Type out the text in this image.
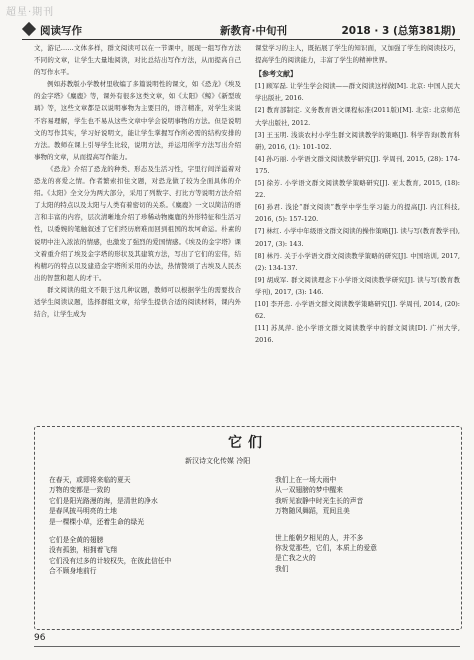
超星·期刊
阅读写作	新教育·中旬刊	2018 · 3 (总第381期)

文，游记……文体多样，群文阅读可以在一节课中，展现一组写作方法不同的文章，让学生大量地阅读，对比总结出写作方法，从而提高自己的写作水平。

例如苏教版小学教材里收编了多篇说明性的课文，如《恐龙》《埃及的金字塔》《麋鹿》等，课外有很多这类文章，如《太阳》《鲸》《新型玻璃》等，这些文章都是以说明事物为主要目的，语言精准，对学生来说不容易理解，学生也不易从这些文章中学会说明事物的方法。但是说明文的写作其实，学习好说明文，能让学生掌握写作所必需的结构安排的方法。教师在课上引导学生比较，说明方法，并运用所学方法写出介绍事物的文章，从而提高写作能力。

《恐龙》介绍了恐龙的种类、形态及生活习性，字里行间洋溢着对恐龙的喜爱之情。作者繁索扣住文题，对恐龙做了较为全面具体的介绍。《太阳》全文分为两大部分，采用了列数字、打比方等说明方法介绍了太阳的特点以及太阳与人类有着密切的关系。《麋鹿》一文以简洁的语言和丰富的内容，层次清晰地介绍了珍稀动物麋鹿的外形特征和生活习性，以委婉的笔触叙述了它们经历磨难而回到祖国的坎坷命运。朴素的说明中注入浓浓的情感，也激发了强烈的爱国情感。《埃及的金字塔》课文着重介绍了埃及金字塔的形状及其建筑方法，写出了它们的宏伟，结构精巧的特点以及建造金字塔所采用的办法，热情赞颂了古埃及人民杰出的智慧和超人的才干。

群文阅读的组文不限于这几种议题，教师可以根据学生的需要找合适学生阅读议题，选择群组文章，给学生提供合适的阅读材料，课内外结合，让学生成为

课堂学习的主人，既拓展了学生的知识面，又加强了学生的阅读技巧，提高学生的阅读能力，丰富了学生的精神世界。

【参考文献】

[1] 顾军磊. 让学生学会阅读——群文阅读这样做[M]. 北京: 中国人民大学出版社, 2016.

[2] 教育部制定. 义务教育语文课程标准(2011版)[M]. 北京: 北京师范大学出版社, 2012.

[3] 王玉明. 浅谈农村小学生群文阅读教学的策略[J]. 科学咨询(教育科研), 2016, (1): 101-102.

[4] 孙巧丽. 小学语文群文阅读教学研究[J]. 学周刊, 2015, (28): 174-175.

[5] 徐芳. 小学语文群文阅读教学策略研究[J]. 亚太教育, 2015, (18): 22.

[6] 孙君. 浅论“群文阅读”教学中学生学习能力的提高[J]. 内江科技, 2016, (5): 157-120.

[7] 林红. 小学中年级语文群文阅读的操作策略[J]. 读与写(教育教学刊), 2017, (3): 143.

[8] 林丹. 关于小学语文群文阅读教学策略的研究[J]. 中国培训, 2017, (2): 134-137.

[9] 胡成军. 群文阅读理念下小学语文阅读教学研究[J]. 读与写(教育教学刊), 2017, (3): 146.

[10] 李开忠. 小学语文群文阅读教学策略研究[J]. 学周刊, 2014, (20): 62.

[11] 苏凤萍. 论小学语文群文阅读教学中的群文阅读[D]. 广州大学, 2016.

它们
新汉诗文化传媒 冷阳

在春天，或即将来临的夏天

万物的变都是一致的

它们是阳光路漫的海，是清世的净水

是春风披马明亮的土地

是一棵棵小草，还着生命的绿光

它们是全黄的翅膀

没有孤独，相拥着飞翔

它们没有过多的计较权失，在彼此信任中

合不顾身地前行

我们上在一场大雨中

从一双翅膀的梦中醒来

我听见寂静中时光生长的声音

万物随风舞蹈，荒间且美

世上能朝夕相见的人，并不多

你发觉那些，它们，本质上的爱意

是亡我之火的

我们

96
